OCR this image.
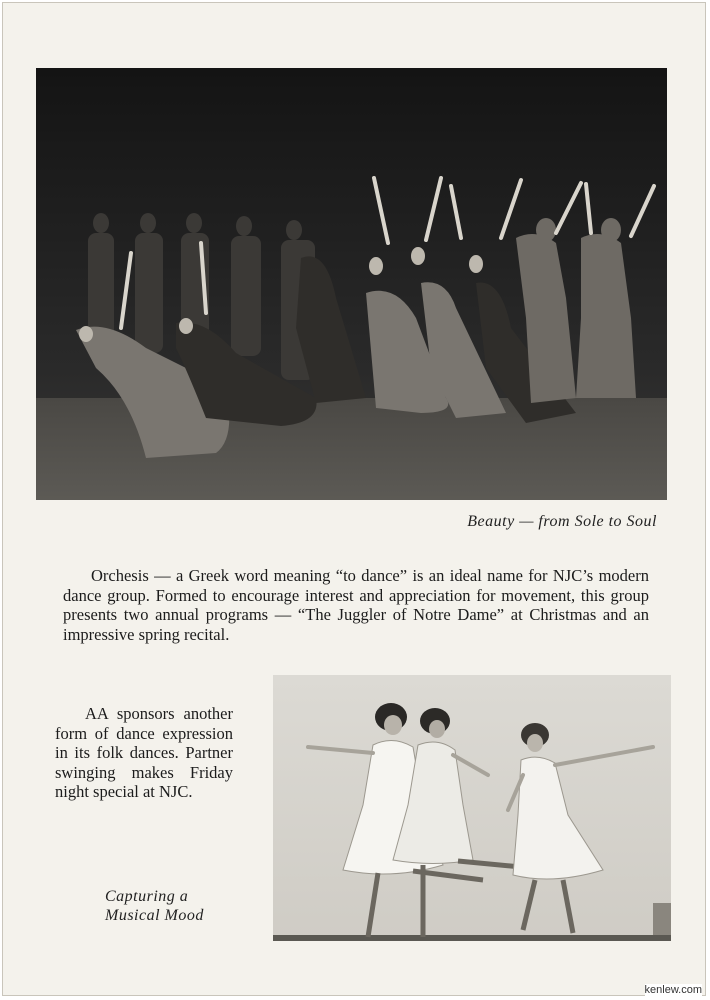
Beauty — from Sole to Soul

Orchesis — a Greek word meaning “to dance” is an ideal name for NJC’s modern dance group. Formed to encourage interest and appreciation for movement, this group presents two annual programs — “The Juggler of Notre Dame” at Christmas and an impressive spring recital.

AA sponsors another form of dance expression in its folk dances. Partner swinging makes Friday night special at NJC.

Capturing a
Musical Mood
kenlew.com
